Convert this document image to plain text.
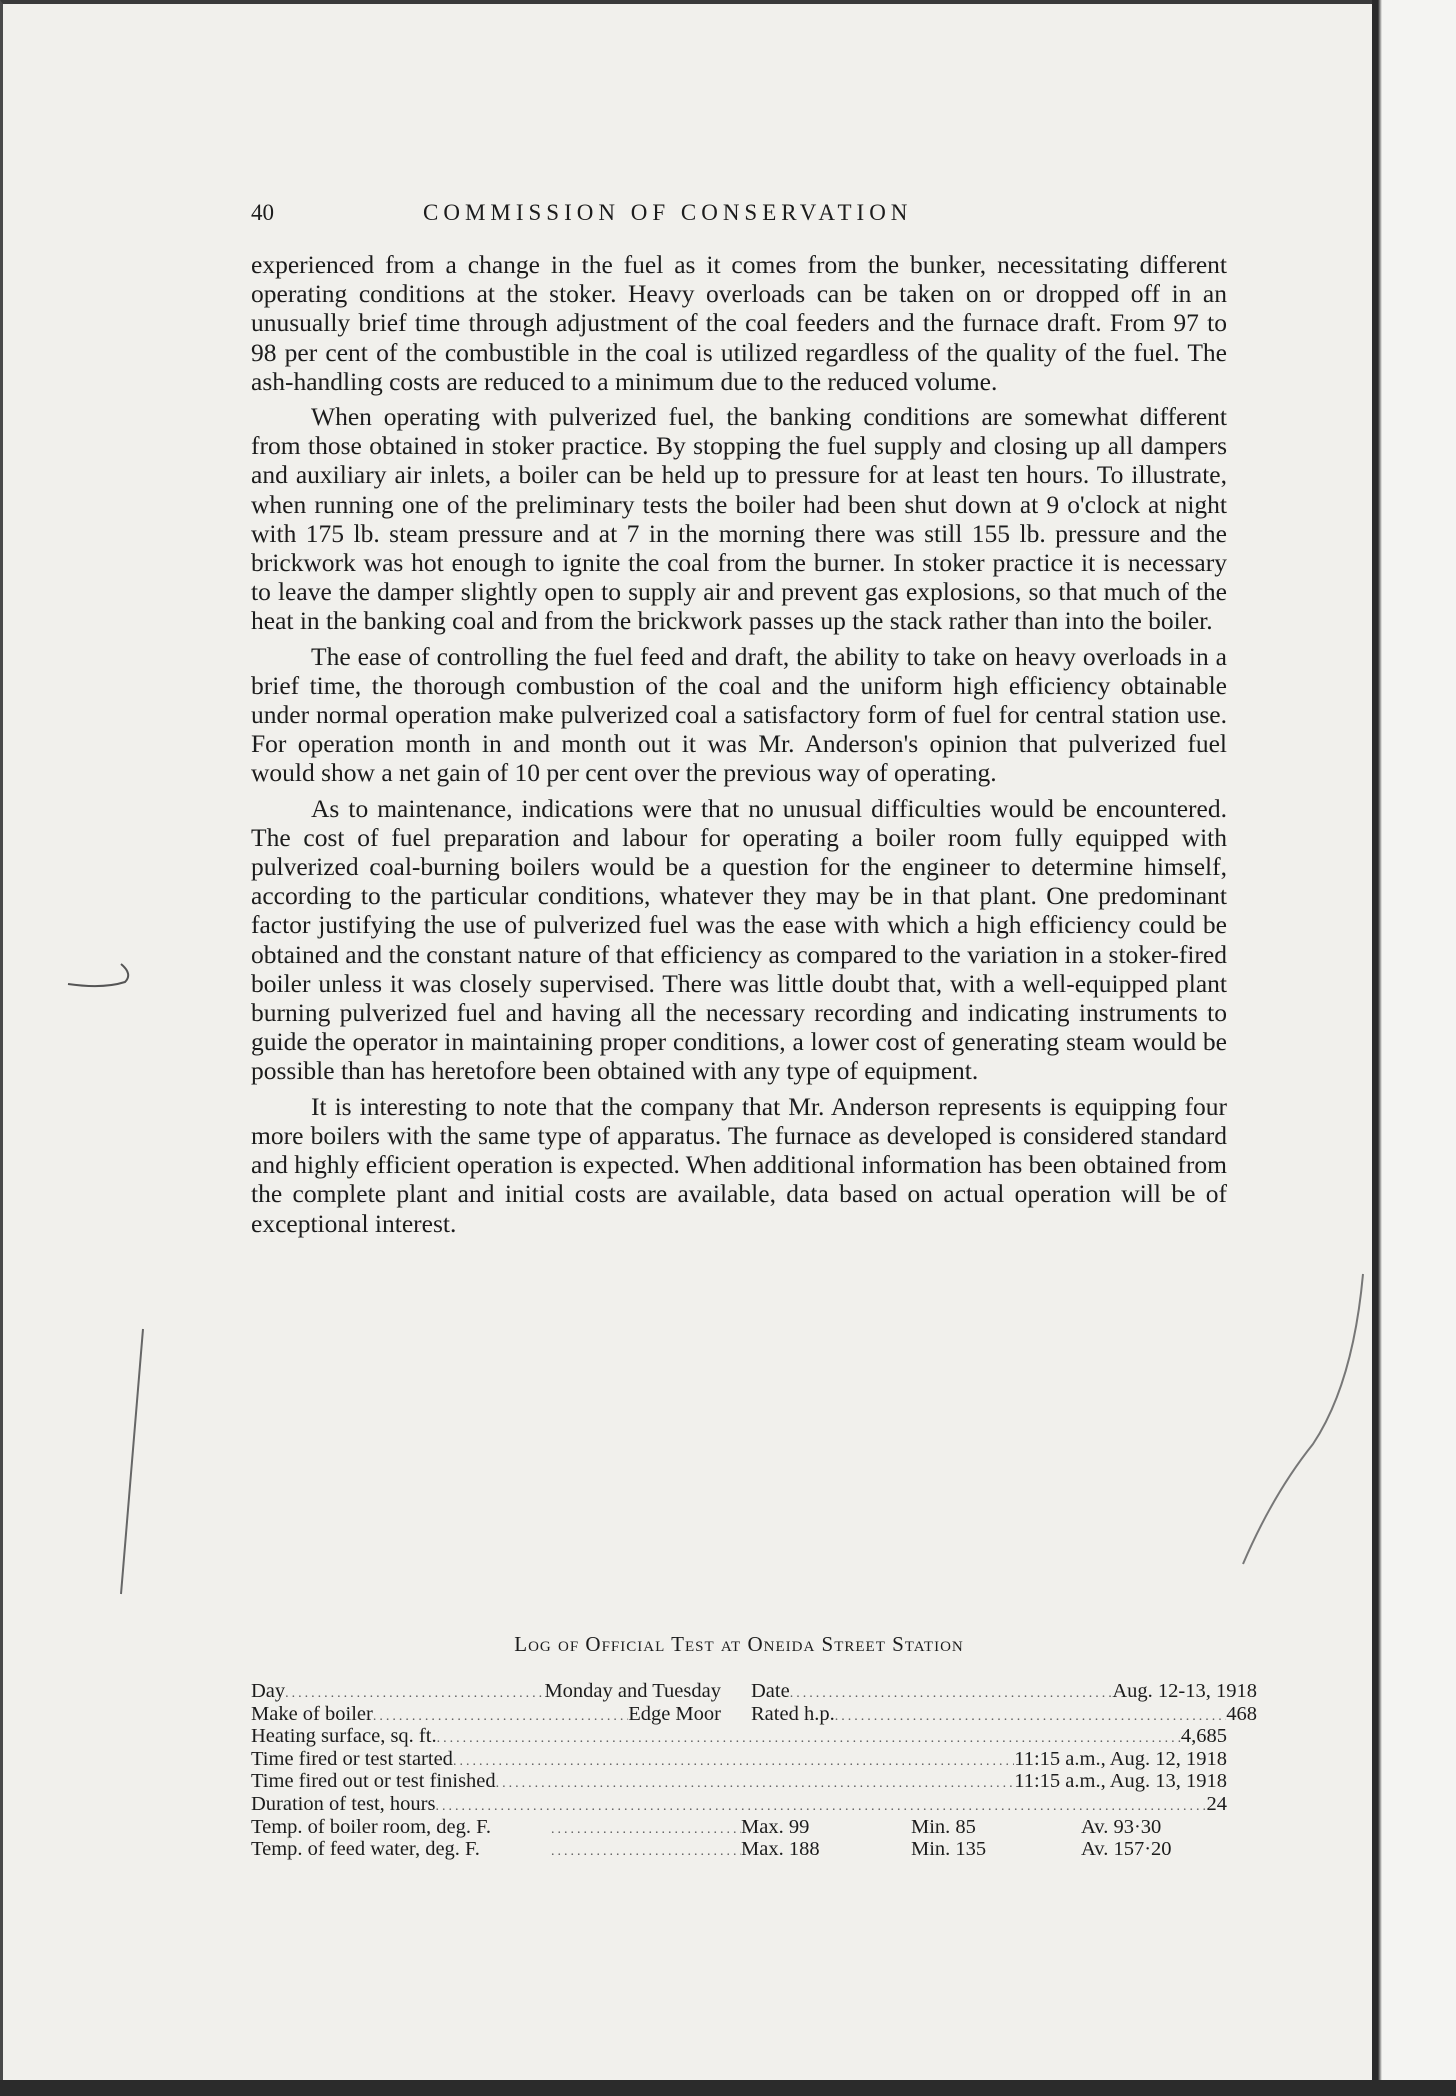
40	COMMISSION OF CONSERVATION

experienced from a change in the fuel as it comes from the bunker, necessitating different operating conditions at the stoker. Heavy overloads can be taken on or dropped off in an unusually brief time through adjustment of the coal feeders and the furnace draft. From 97 to 98 per cent of the combustible in the coal is utilized regardless of the quality of the fuel. The ash-handling costs are reduced to a minimum due to the reduced volume.

When operating with pulverized fuel, the banking conditions are somewhat different from those obtained in stoker practice. By stopping the fuel supply and closing up all dampers and auxiliary air inlets, a boiler can be held up to pressure for at least ten hours. To illustrate, when running one of the preliminary tests the boiler had been shut down at 9 o'clock at night with 175 lb. steam pressure and at 7 in the morning there was still 155 lb. pressure and the brickwork was hot enough to ignite the coal from the burner. In stoker practice it is necessary to leave the damper slightly open to supply air and prevent gas explosions, so that much of the heat in the banking coal and from the brickwork passes up the stack rather than into the boiler.

The ease of controlling the fuel feed and draft, the ability to take on heavy overloads in a brief time, the thorough combustion of the coal and the uniform high efficiency obtainable under normal operation make pulverized coal a satisfactory form of fuel for central station use. For operation month in and month out it was Mr. Anderson's opinion that pulverized fuel would show a net gain of 10 per cent over the previous way of operating.

As to maintenance, indications were that no unusual difficulties would be encountered. The cost of fuel preparation and labour for operating a boiler room fully equipped with pulverized coal-burning boilers would be a question for the engineer to determine himself, according to the particular conditions, whatever they may be in that plant. One predominant factor justifying the use of pulverized fuel was the ease with which a high efficiency could be obtained and the constant nature of that efficiency as compared to the variation in a stoker-fired boiler unless it was closely supervised. There was little doubt that, with a well-equipped plant burning pulverized fuel and having all the necessary recording and indicating instruments to guide the operator in maintaining proper conditions, a lower cost of generating steam would be possible than has heretofore been obtained with any type of equipment.

It is interesting to note that the company that Mr. Anderson represents is equipping four more boilers with the same type of apparatus. The furnace as developed is considered standard and highly efficient operation is expected. When additional information has been obtained from the complete plant and initial costs are available, data based on actual operation will be of exceptional interest.

Log of Official Test at Oneida Street Station
Day .....	Monday and Tuesday Date .....	Aug. 12-13, 1918
Make of boiler .....	Edge Moor Rated h.p. .....	468
Heating surface, sq. ft. .....	4,685
Time fired or test started .....	11:15 a.m., Aug. 12, 1918
Time fired out or test finished .....	11:15 a.m., Aug. 13, 1918
Duration of test, hours .....	24
Temp. of boiler room, deg. F. .....	Max. 99	Min. 85	Av. 93·30
Temp. of feed water, deg. F. .....	Max. 188	Min. 135	Av. 157·20
